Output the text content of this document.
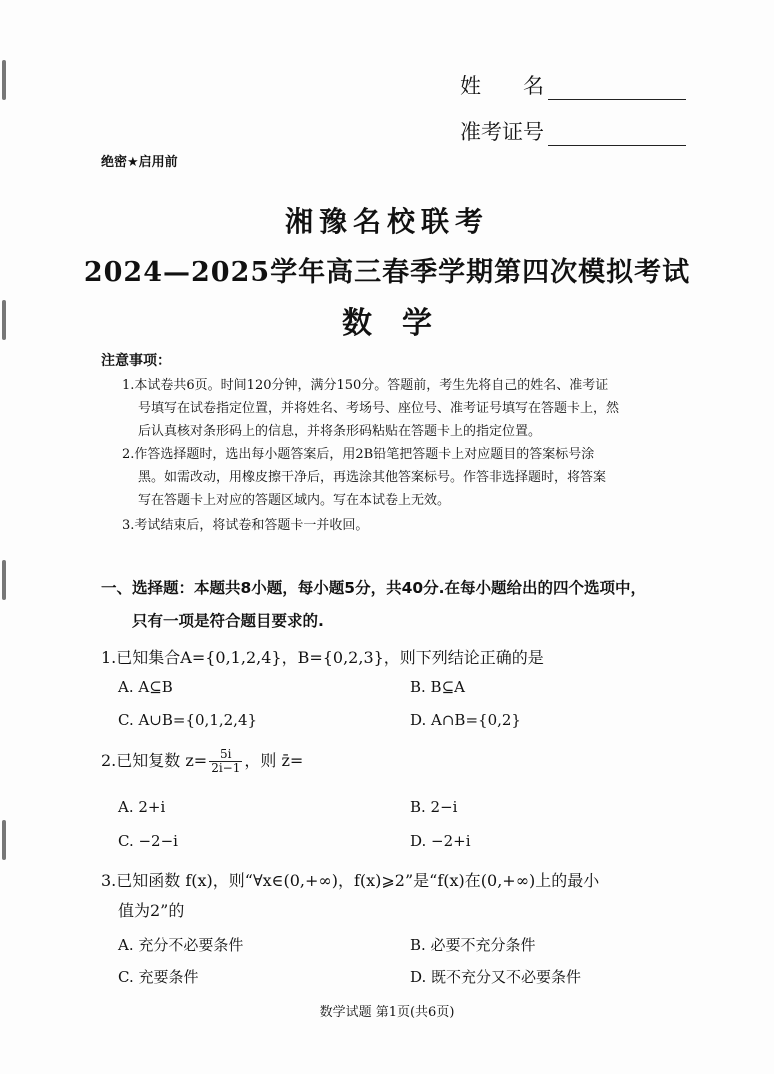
姓　　名
准考证号
绝密★启用前
湘豫名校联考
2024—2025学年高三春季学期第四次模拟考试
数学
注意事项：
1.本试卷共6页。时间120分钟，满分150分。答题前，考生先将自己的姓名、准考证
号填写在试卷指定位置，并将姓名、考场号、座位号、准考证号填写在答题卡上，然
后认真核对条形码上的信息，并将条形码粘贴在答题卡上的指定位置。
2.作答选择题时，选出每小题答案后，用2B铅笔把答题卡上对应题目的答案标号涂
黑。如需改动，用橡皮擦干净后，再选涂其他答案标号。作答非选择题时，将答案
写在答题卡上对应的答题区域内。写在本试卷上无效。
3.考试结束后，将试卷和答题卡一并收回。
一、选择题：本题共8小题，每小题5分，共40分.在每小题给出的四个选项中，
只有一项是符合题目要求的.
1.已知集合A={0,1,2,4}，B={0,2,3}，则下列结论正确的是
A. A⊆B	B. B⊆A
C. A∪B={0,1,2,4}	D. A∩B={0,2}
2.已知复数 $z= \frac{5i}{2i-1}$ ，则 z̄=
A. 2+i	B. 2−i
C. −2−i	D. −2+i
3.已知函数 f(x)，则“∀x∈(0,+∞)，f(x)⩾2”是“f(x)在(0,+∞)上的最小
值为2”的
A. 充分不必要条件	B. 必要不充分条件
C. 充要条件	D. 既不充分又不必要条件
数学试题 第1页(共6页)
